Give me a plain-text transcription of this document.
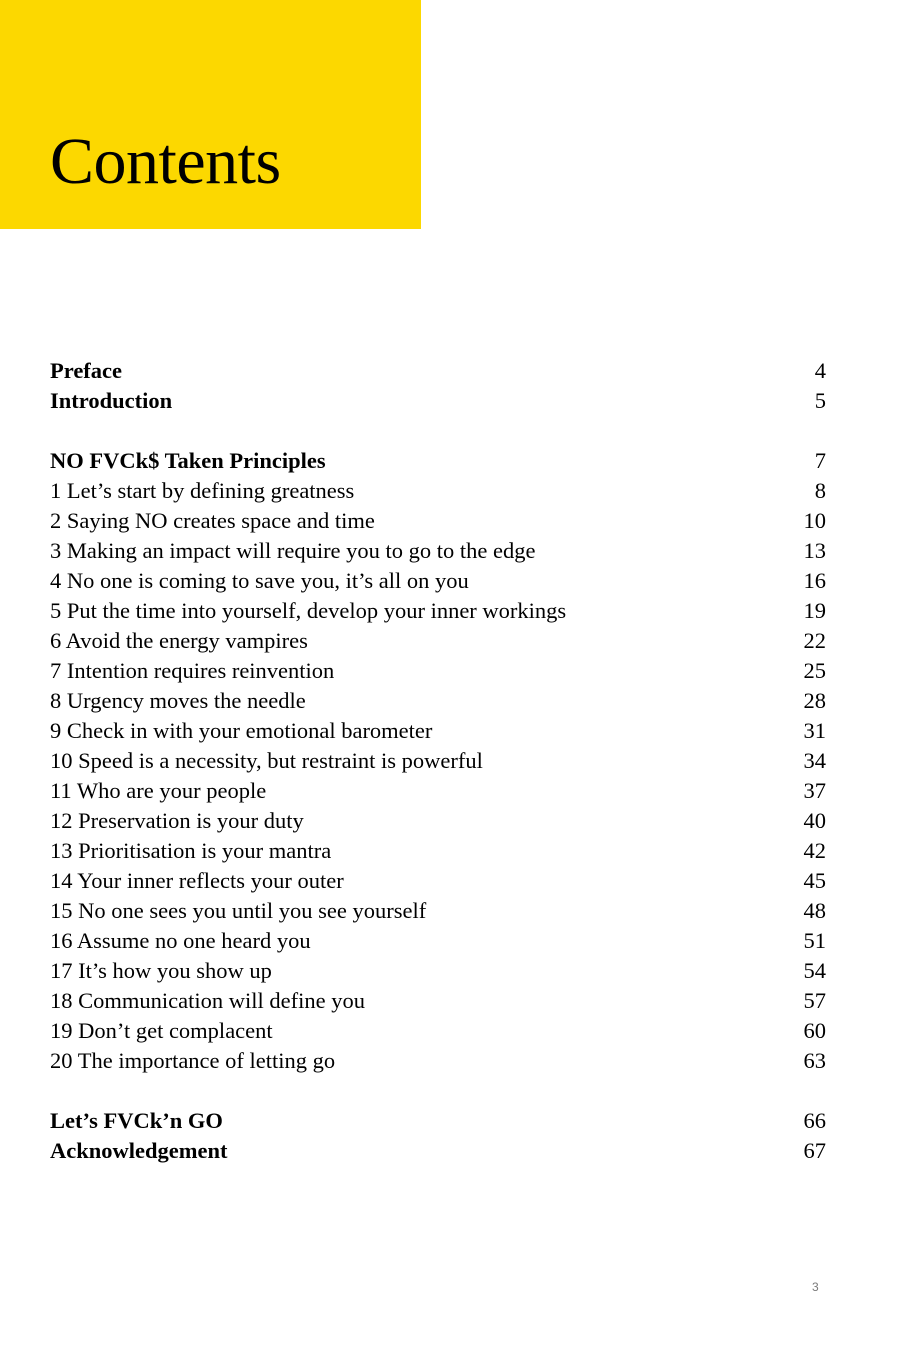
Contents
Preface	4
Introduction	5
NO FVCk$ Taken Principles	7
1 Let’s start by defining greatness	8
2 Saying NO creates space and time	10
3 Making an impact will require you to go to the edge	13
4 No one is coming to save you, it’s all on you	16
5 Put the time into yourself, develop your inner workings	19
6 Avoid the energy vampires	22
7 Intention requires reinvention	25
8 Urgency moves the needle	28
9 Check in with your emotional barometer	31
10 Speed is a necessity, but restraint is powerful	34
11 Who are your people	37
12 Preservation is your duty	40
13 Prioritisation is your mantra	42
14 Your inner reflects your outer	45
15 No one sees you until you see yourself	48
16 Assume no one heard you	51
17 It’s how you show up	54
18 Communication will define you	57
19 Don’t get complacent	60
20 The importance of letting go	63
Let’s FVCk’n GO	66
Acknowledgement	67
3
